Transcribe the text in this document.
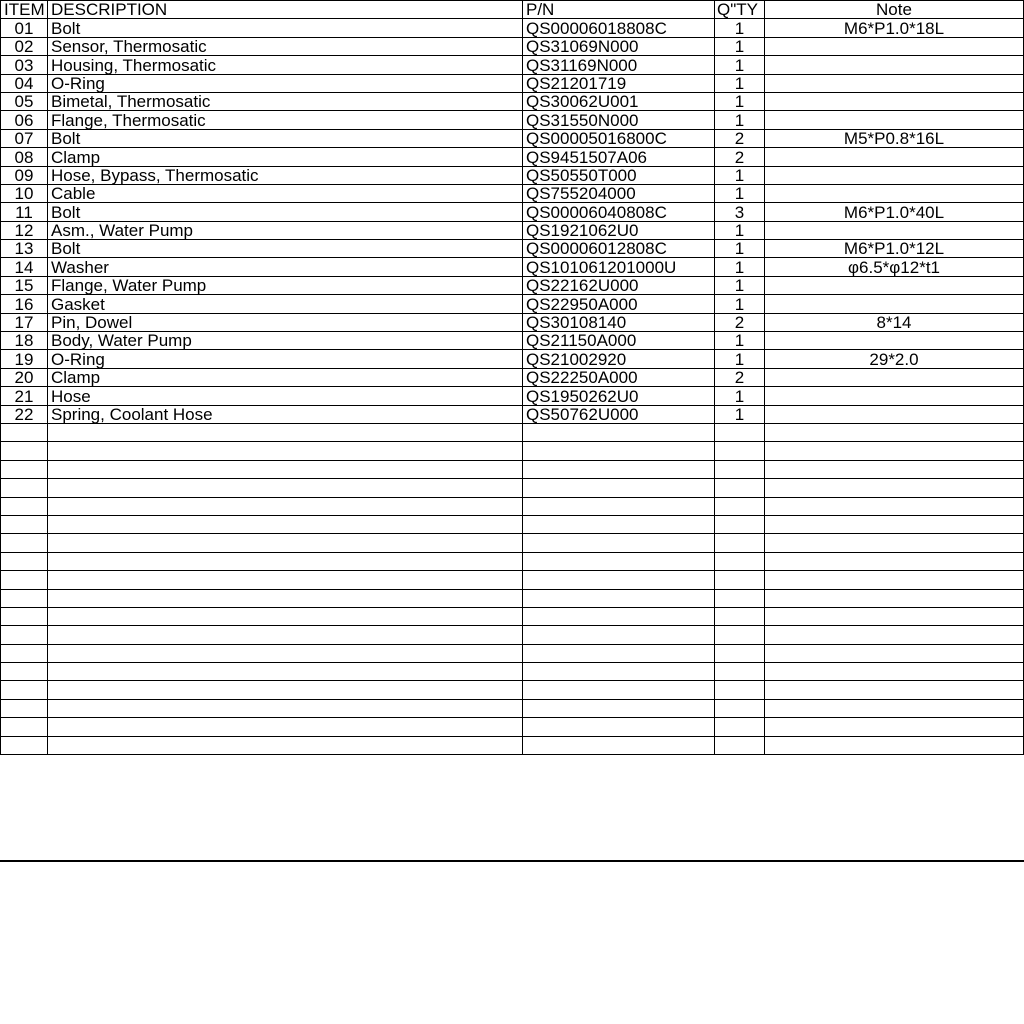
ITEM	DESCRIPTION	P/N	Q"TY	Note
01	Bolt	QS00006018808C	1	M6*P1.0*18L
02	Sensor, Thermosatic	QS31069N000	1	
03	Housing, Thermosatic	QS31169N000	1	
04	O-Ring	QS21201719	1	
05	Bimetal, Thermosatic	QS30062U001	1	
06	Flange, Thermosatic	QS31550N000	1	
07	Bolt	QS00005016800C	2	M5*P0.8*16L
08	Clamp	QS9451507A06	2	
09	Hose, Bypass, Thermosatic	QS50550T000	1	
10	Cable	QS755204000	1	
11	Bolt	QS00006040808C	3	M6*P1.0*40L
12	Asm., Water Pump	QS1921062U0	1	
13	Bolt	QS00006012808C	1	M6*P1.0*12L
14	Washer	QS101061201000U	1	φ6.5*φ12*t1
15	Flange, Water Pump	QS22162U000	1	
16	Gasket	QS22950A000	1	
17	Pin, Dowel	QS30108140	2	8*14
18	Body, Water Pump	QS21150A000	1	
19	O-Ring	QS21002920	1	29*2.0
20	Clamp	QS22250A000	2	
21	Hose	QS1950262U0	1	
22	Spring, Coolant Hose	QS50762U000	1	
